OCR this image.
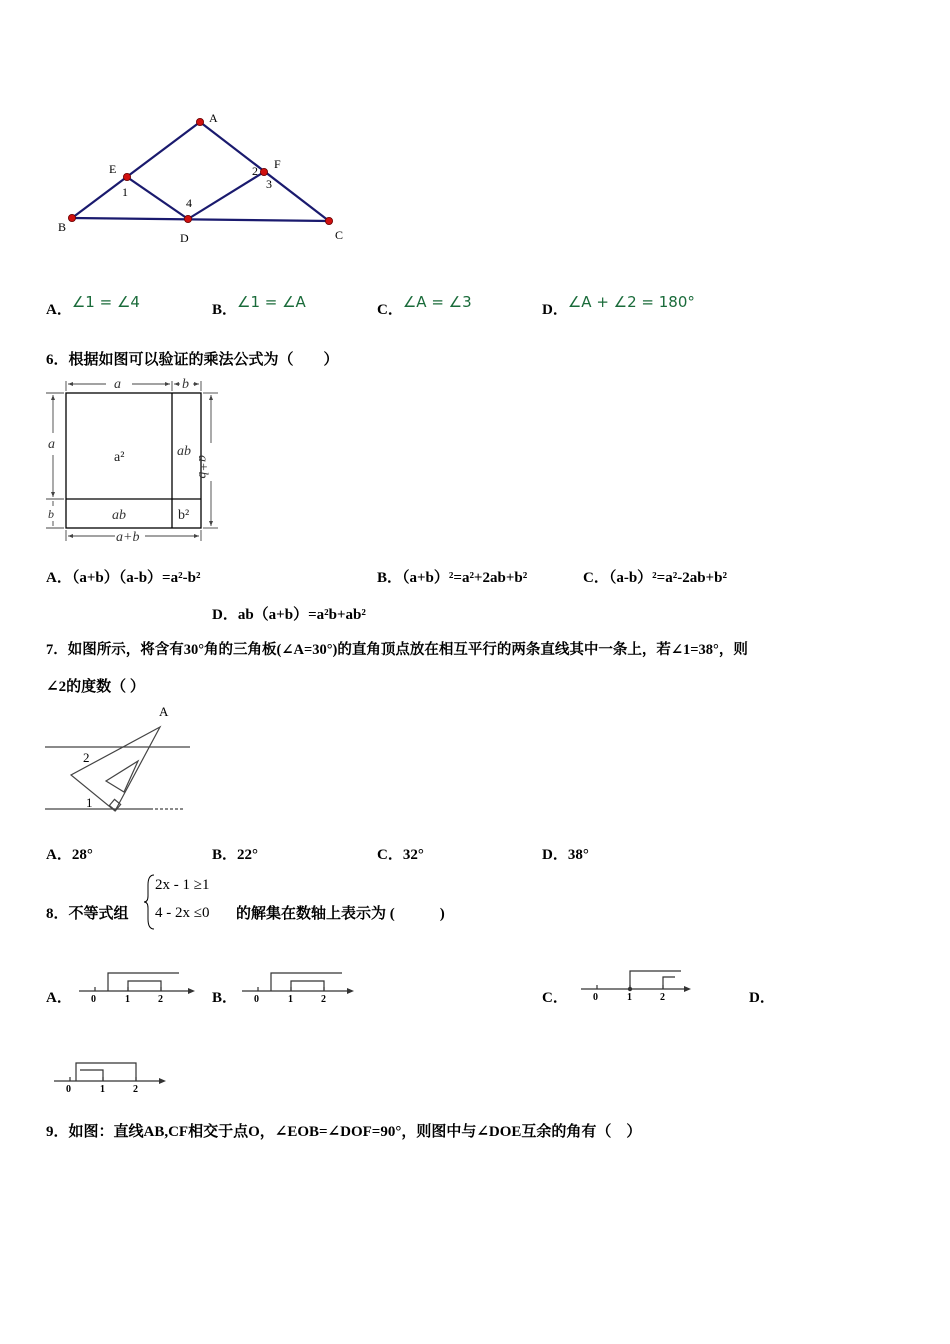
A
E	F
B
D	C
1
2
3
4
A．∠1 = ∠4	B．∠1 = ∠A	C．∠A = ∠3	D．∠A + ∠2 = 180°
6．根据如图可以验证的乘法公式为（　　）
a	b
a
b
ab
ab
a+b
a+b
a²
b²
A．（a+b）（a-b）=a²-b²	B．（a+b）²=a²+2ab+b²	C．（a-b）²=a²-2ab+b²
D．ab（a+b）=a²b+ab²
7．如图所示，将含有30°角的三角板(∠A=30°)的直角顶点放在相互平行的两条直线其中一条上，若∠1=38°，则
∠2的度数（ ）
A
2
1
A．28°	B．22°	C．32°	D．38°
8．不等式组
2x - 1 ≥1
4 - 2x ≤0 的解集在数轴上表示为 (　　　)
A．	B．	C．	D．
0	1	2	0	1	2	0	1	2
0	1	2
9．如图：直线AB,CF相交于点O，∠EOB=∠DOF=90°，则图中与∠DOE互余的角有（　）
